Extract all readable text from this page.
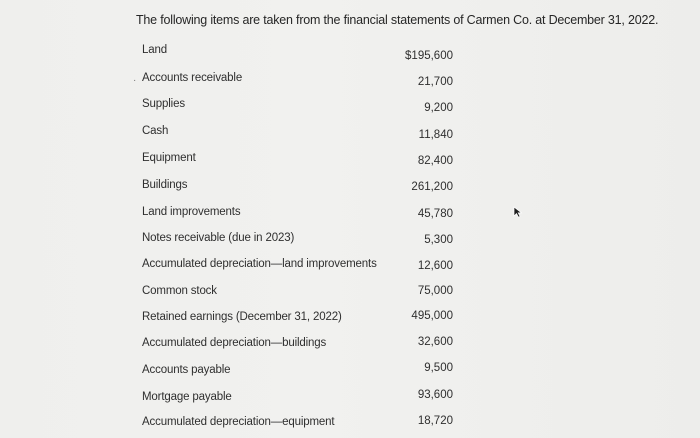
The following items are taken from the financial statements of Carmen Co. at December 31, 2022.
Land	$195,600
· Accounts receivable	21,700
Supplies	9,200
Cash	11,840
Equipment	82,400
Buildings	261,200
Land improvements	45,780
Notes receivable (due in 2023)	5,300
Accumulated depreciation—land improvements	12,600
Common stock	75,000
Retained earnings (December 31, 2022)	495,000
Accumulated depreciation—buildings	32,600
Accounts payable	9,500
Mortgage payable	93,600
Accumulated depreciation—equipment	18,720
